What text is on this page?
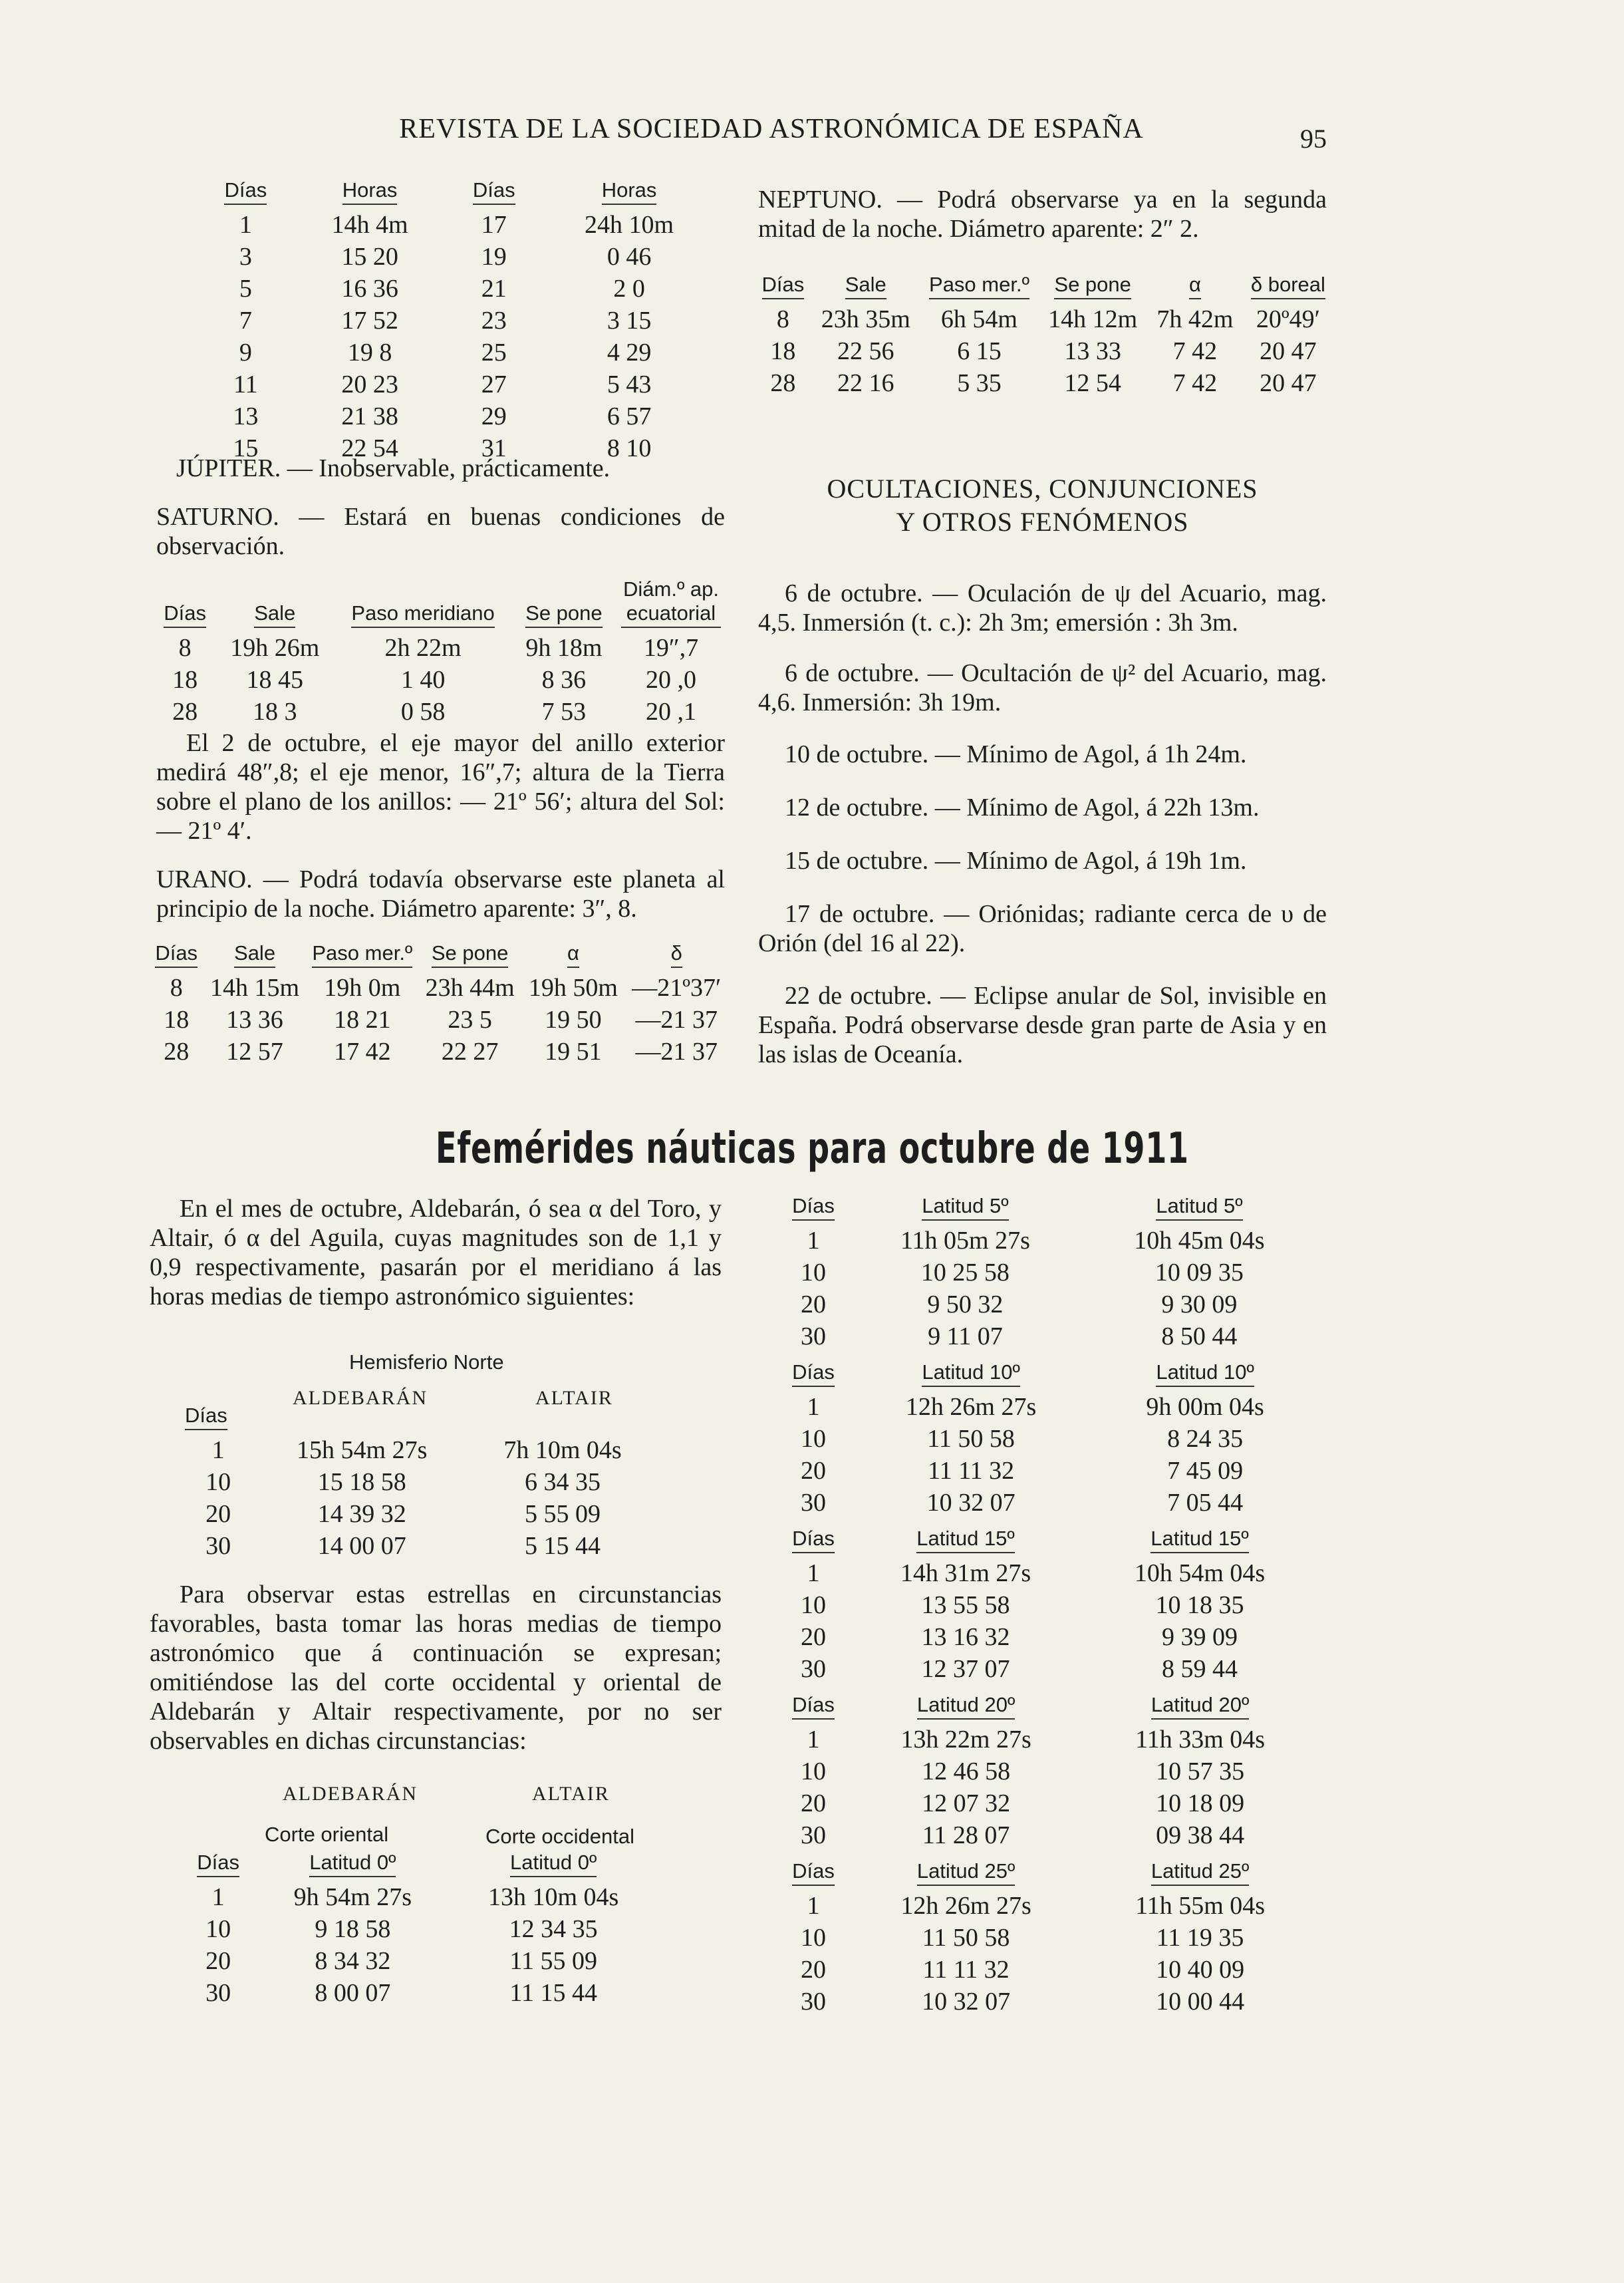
REVISTA DE LA SOCIEDAD ASTRONÓMICA DE ESPAÑA	95
Días	Horas	Días	Horas
1	14h 4m	17	24h 10m
3	15 20	19	0 46
5	16 36	21	2 0
7	17 52	23	3 15
9	19 8	25	4 29
11	20 23	27	5 43
13	21 38	29	6 57
15	22 54	31	8 10
JÚPITER. — Inobservable, prácticamente.
SATURNO. — Estará en buenas condiciones de observación.
Días	Sale	Paso meridiano	Se pone	Diám.º ap. ecuatorial
8	19h 26m	2h 22m	9h 18m	19″,7
18	18 45	1 40	8 36	20 ,0
28	18 3	0 58	7 53	20 ,1
El 2 de octubre, el eje mayor del anillo exterior medirá 48″,8; el eje menor, 16″,7; altura de la Tierra sobre el plano de los anillos: — 21º 56′; altura del Sol: — 21º 4′.
URANO. — Podrá todavía observarse este planeta al principio de la noche. Diámetro aparente: 3″, 8.
Días	Sale	Paso mer.º	Se pone	α	δ
8	14h 15m	19h 0m	23h 44m	19h 50m	—21º37′
18	13 36	18 21	23 5	19 50	—21 37
28	12 57	17 42	22 27	19 51	—21 37
NEPTUNO. — Podrá observarse ya en la segunda mitad de la noche. Diámetro aparente: 2″ 2.
Días	Sale	Paso mer.º	Se pone	α	δ boreal
8	23h 35m	6h 54m	14h 12m	7h 42m	20º49′
18	22 56	6 15	13 33	7 42	20 47
28	22 16	5 35	12 54	7 42	20 47
OCULTACIONES, CONJUNCIONES
Y OTROS FENÓMENOS
6 de octubre. — Oculación de ψ del Acuario, mag. 4,5. Inmersión (t. c.): 2h 3m; emersión : 3h 3m.
6 de octubre. — Ocultación de ψ² del Acuario, mag. 4,6. Inmersión: 3h 19m.
10 de octubre. — Mínimo de Agol, á 1h 24m.
12 de octubre. — Mínimo de Agol, á 22h 13m.
15 de octubre. — Mínimo de Agol, á 19h 1m.
17 de octubre. — Oriónidas; radiante cerca de υ de Orión (del 16 al 22).
22 de octubre. — Eclipse anular de Sol, invisible en España. Podrá observarse desde gran parte de Asia y en las islas de Oceanía.
Efemérides náuticas para octubre de 1911
En el mes de octubre, Aldebarán, ó sea α del Toro, y Altair, ó α del Aguila, cuyas magnitudes son de 1,1 y 0,9 respectivamente, pasarán por el meridiano á las horas medias de tiempo astronómico siguientes:
Hemisferio Norte
ALDEBARÁN	ALTAIR
Días		
1	15h 54m 27s	7h 10m 04s
10	15 18 58	6 34 35
20	14 39 32	5 55 09
30	14 00 07	5 15 44
Para observar estas estrellas en circunstancias favorables, basta tomar las horas medias de tiempo astronómico que á continuación se expresan; omitiéndose las del corte occidental y oriental de Aldebarán y Altair respectivamente, por no ser observables en dichas circunstancias:
ALDEBARÁN	ALTAIR
Corte oriental	Corte occidental
Días	Latitud 0º	Latitud 0º
1	9h 54m 27s	13h 10m 04s
10	9 18 58	12 34 35
20	8 34 32	11 55 09
30	8 00 07	11 15 44
Días	Latitud 5º	Latitud 5º
1	11h 05m 27s	10h 45m 04s
10	10 25 58	10 09 35
20	9 50 32	9 30 09
30	9 11 07	8 50 44
Días	Latitud 10º	Latitud 10º
1	12h 26m 27s	9h 00m 04s
10	11 50 58	8 24 35
20	11 11 32	7 45 09
30	10 32 07	7 05 44
Días	Latitud 15º	Latitud 15º
1	14h 31m 27s	10h 54m 04s
10	13 55 58	10 18 35
20	13 16 32	9 39 09
30	12 37 07	8 59 44
Días	Latitud 20º	Latitud 20º
1	13h 22m 27s	11h 33m 04s
10	12 46 58	10 57 35
20	12 07 32	10 18 09
30	11 28 07	09 38 44
Días	Latitud 25º	Latitud 25º
1	12h 26m 27s	11h 55m 04s
10	11 50 58	11 19 35
20	11 11 32	10 40 09
30	10 32 07	10 00 44
